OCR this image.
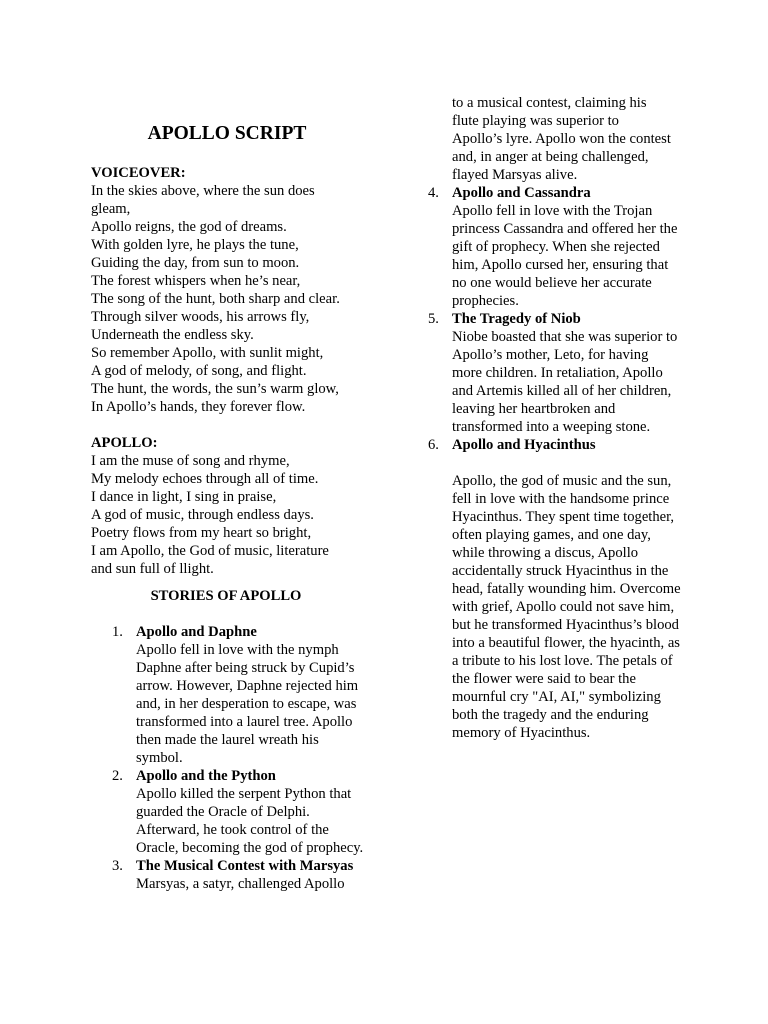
APOLLO SCRIPT
VOICEOVER:
In the skies above, where the sun does gleam,
Apollo reigns, the god of dreams.
With golden lyre, he plays the tune,
Guiding the day, from sun to moon.
The forest whispers when he’s near,
The song of the hunt, both sharp and clear.
Through silver woods, his arrows fly,
Underneath the endless sky.
So remember Apollo, with sunlit might,
A god of melody, of song, and flight.
The hunt, the words, the sun’s warm glow,
In Apollo’s hands, they forever flow.
APOLLO:
I am the muse of song and rhyme,
My melody echoes through all of time.
I dance in light, I sing in praise,
A god of music, through endless days.
Poetry flows from my heart so bright,
I am Apollo, the God of music, literature and sun full of llight.
STORIES OF APOLLO
1. Apollo and Daphne
Apollo fell in love with the nymph Daphne after being struck by Cupid’s arrow. However, Daphne rejected him and, in her desperation to escape, was transformed into a laurel tree. Apollo then made the laurel wreath his symbol.
2. Apollo and the Python
Apollo killed the serpent Python that guarded the Oracle of Delphi. Afterward, he took control of the Oracle, becoming the god of prophecy.
3. The Musical Contest with Marsyas
Marsyas, a satyr, challenged Apollo
to a musical contest, claiming his flute playing was superior to Apollo’s lyre. Apollo won the contest and, in anger at being challenged, flayed Marsyas alive.
4. Apollo and Cassandra
Apollo fell in love with the Trojan princess Cassandra and offered her the gift of prophecy. When she rejected him, Apollo cursed her, ensuring that no one would believe her accurate prophecies.
5. The Tragedy of Niob
Niobe boasted that she was superior to Apollo’s mother, Leto, for having more children. In retaliation, Apollo and Artemis killed all of her children, leaving her heartbroken and transformed into a weeping stone.
6. Apollo and Hyacinthus
Apollo, the god of music and the sun, fell in love with the handsome prince Hyacinthus. They spent time together, often playing games, and one day, while throwing a discus, Apollo accidentally struck Hyacinthus in the head, fatally wounding him. Overcome with grief, Apollo could not save him, but he transformed Hyacinthus’s blood into a beautiful flower, the hyacinth, as a tribute to his lost love. The petals of the flower were said to bear the mournful cry "AI, AI," symbolizing both the tragedy and the enduring memory of Hyacinthus.
